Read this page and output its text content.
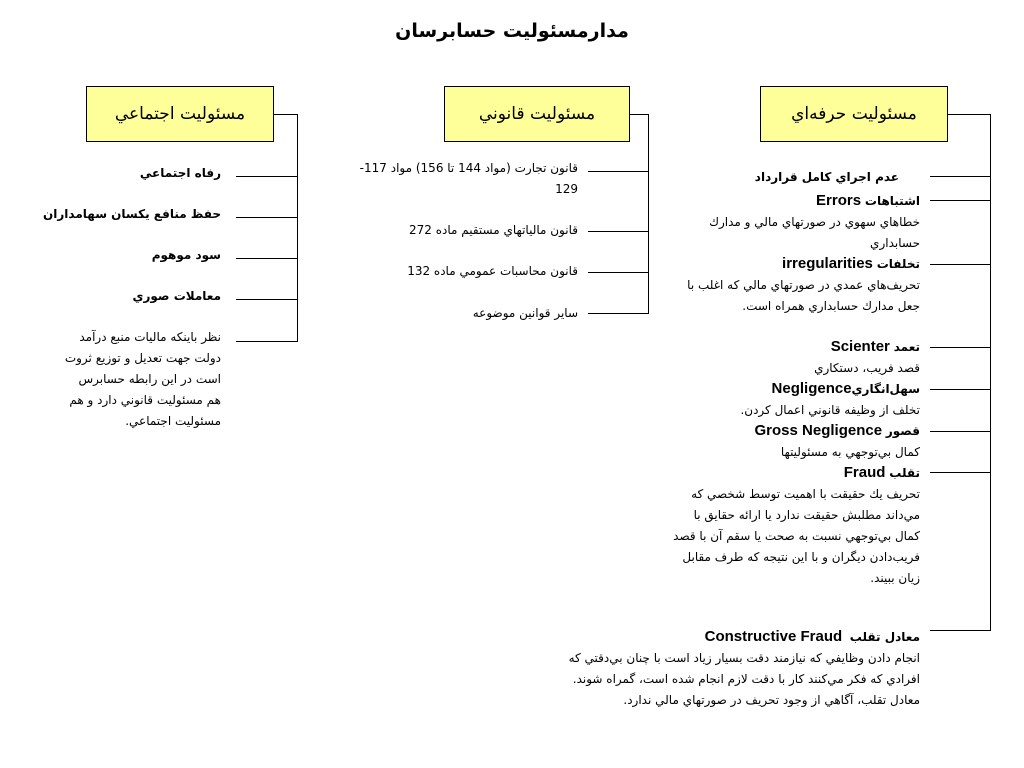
مدارمسئوليت حسابرسان
مسئوليت اجتماعي	مسئوليت قانوني	مسئوليت حرفه‌اي
رفاه اجتماعي
حفظ منافع يكسان سهامداران
سود موهوم
معاملات صوري
نظر باينكه ماليات منبع درآمد
دولت جهت تعديل و توزيع ثروت
است در اين رابطه حسابرس
هم مسئوليت قانوني دارد و هم
مسئوليت اجتماعي.
قانون تجارت (مواد 144 تا 156) مواد 117-
129
قانون مالياتهاي مستقيم ماده 272
قانون محاسبات عمومي ماده 132
ساير قوانين موضوعه
عدم اجراي كامل قرارداد
اشتباهات Errors
خطاهاي سهوي در صورتهاي مالي و مدارك
حسابداري
تخلفات irregularities
تحريف‌هاي عمدي در صورتهاي مالي كه اغلب با
جعل مدارك حسابداري همراه است.
تعمد Scienter
قصد فريب، دستكاري
سهل‌انگاريNegligence
تخلف از وظيفه قانوني اعمال كردن.
قصور Gross Negligence
كمال بي‌توجهي به مسئوليتها
تقلب Fraud
تحريف يك حقيقت با اهميت توسط شخصي كه
مي‌داند مطلبش حقيقت ندارد يا ارائه حقايق با
كمال بي‌توجهي نسبت به صحت يا سقم آن با قصد
فريب‌دادن ديگران و با اين نتيجه كه طرف مقابل
زيان ببيند.
معادل تقلب  Constructive Fraud
انجام دادن وظايفي كه نيازمند دقت بسيار زياد است با چنان بي‌دقتي كه
افرادي كه فكر مي‌كنند كار با دقت لازم انجام شده است، گمراه شوند.
معادل تقلب، آگاهي از وجود تحريف در صورتهاي مالي ندارد.
